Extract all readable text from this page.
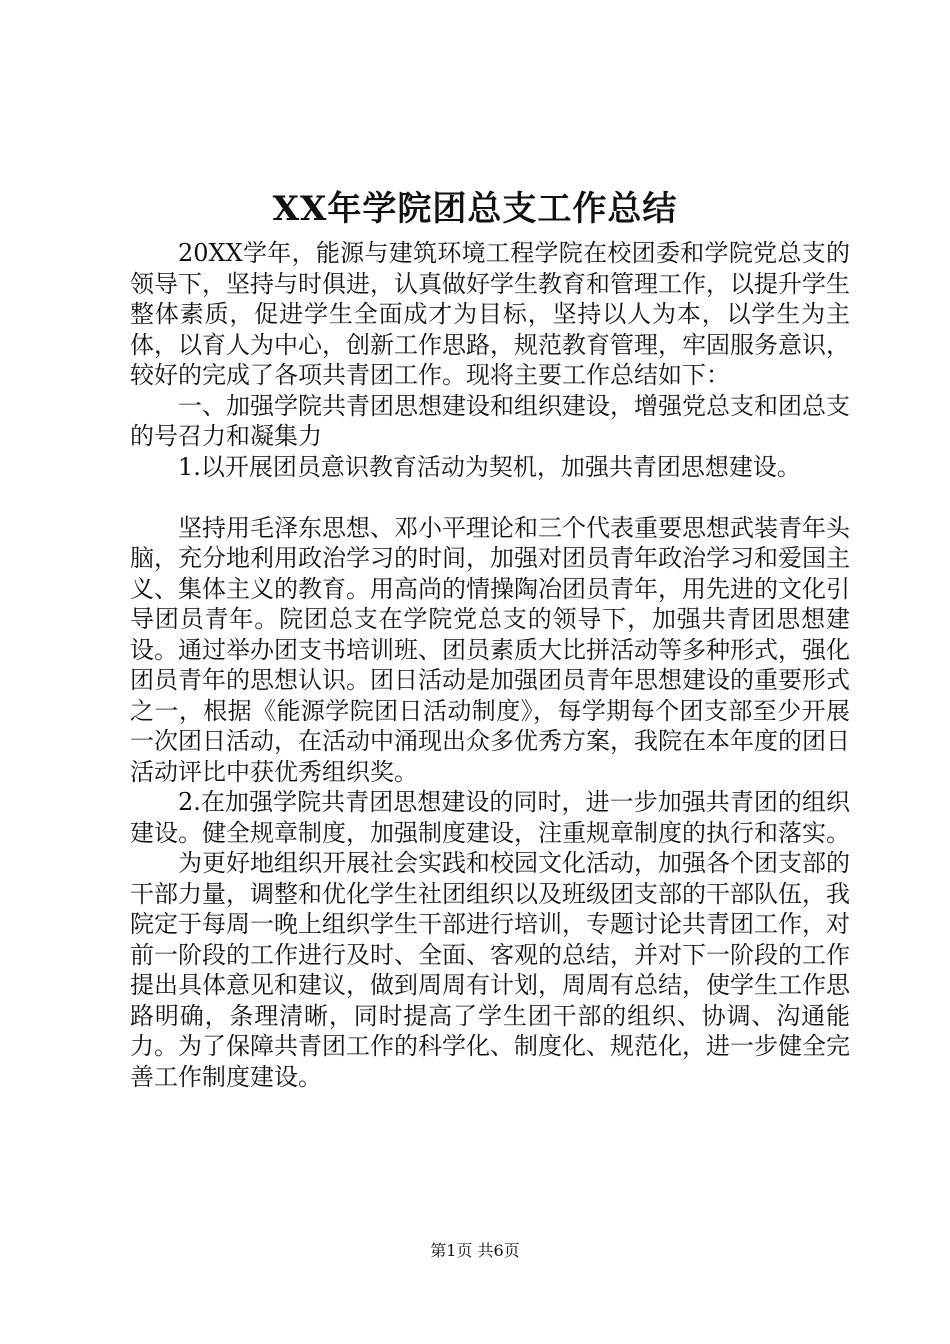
XX年学院团总支工作总结

20XX学年，能源与建筑环境工程学院在校团委和学院党总支的领导下，坚持与时俱进，认真做好学生教育和管理工作，以提升学生整体素质，促进学生全面成才为目标，坚持以人为本，以学生为主体，以育人为中心，创新工作思路，规范教育管理，牢固服务意识，较好的完成了各项共青团工作。现将主要工作总结如下：

一、加强学院共青团思想建设和组织建设，增强党总支和团总支的号召力和凝集力

1.以开展团员意识教育活动为契机，加强共青团思想建设。

坚持用毛泽东思想、邓小平理论和三个代表重要思想武装青年头脑，充分地利用政治学习的时间，加强对团员青年政治学习和爱国主义、集体主义的教育。用高尚的情操陶冶团员青年，用先进的文化引导团员青年。院团总支在学院党总支的领导下，加强共青团思想建设。通过举办团支书培训班、团员素质大比拼活动等多种形式，强化团员青年的思想认识。团日活动是加强团员青年思想建设的重要形式之一，根据《能源学院团日活动制度》，每学期每个团支部至少开展一次团日活动，在活动中涌现出众多优秀方案，我院在本年度的团日活动评比中获优秀组织奖。

2.在加强学院共青团思想建设的同时，进一步加强共青团的组织建设。健全规章制度，加强制度建设，注重规章制度的执行和落实。

为更好地组织开展社会实践和校园文化活动，加强各个团支部的干部力量，调整和优化学生社团组织以及班级团支部的干部队伍，我院定于每周一晚上组织学生干部进行培训，专题讨论共青团工作，对前一阶段的工作进行及时、全面、客观的总结，并对下一阶段的工作提出具体意见和建议，做到周周有计划，周周有总结，使学生工作思路明确，条理清晰，同时提高了学生团干部的组织、协调、沟通能力。为了保障共青团工作的科学化、制度化、规范化，进一步健全完善工作制度建设。

第1页 共6页
